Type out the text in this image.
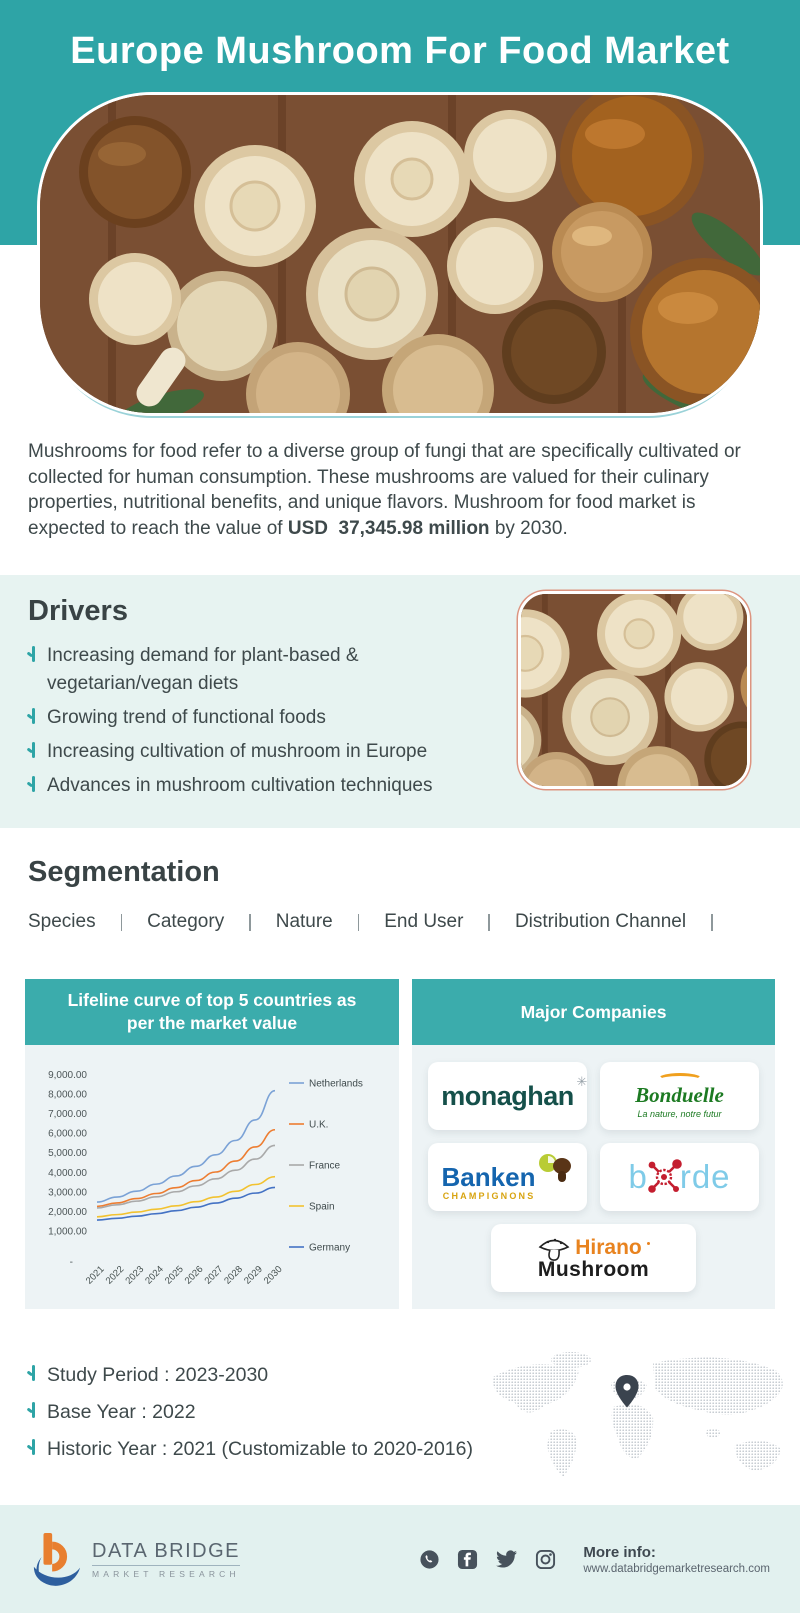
Europe Mushroom For Food Market

Mushrooms for food refer to a diverse group of fungi that are specifically cultivated or collected for human consumption. These mushrooms are valued for their culinary properties, nutritional benefits, and unique flavors. Mushroom for food market is expected to reach the value of USD  37,345.98 million by 2030.

Drivers
Increasing demand for plant-based & vegetarian/vegan diets
Growing trend of functional foods
Increasing cultivation of mushroom in Europe
Advances in mushroom cultivation techniques
Segmentation
Species	Category	Nature	End User	Distribution Channel
Lifeline curve of top 5 countries as per the market value
9,000.00
8,000.00
7,000.00
6,000.00
5,000.00
4,000.00
3,000.00
2,000.00
1,000.00
-
2021
2022
2023
2024
2025
2026
2027
2028
2029
2030
Netherlands
U.K.
France
Spain
Germany
Major Companies
monaghan ✳
Bonduelle
La nature, notre futur
Banken
CHAMPIGNONS
b rde
Hirano
Mushroom
Study Period : 2023-2030
Base Year : 2022
Historic Year : 2021 (Customizable to 2020-2016)
DATA BRIDGE
MARKET RESEARCH
More info:
www.databridgemarketresearch.com
